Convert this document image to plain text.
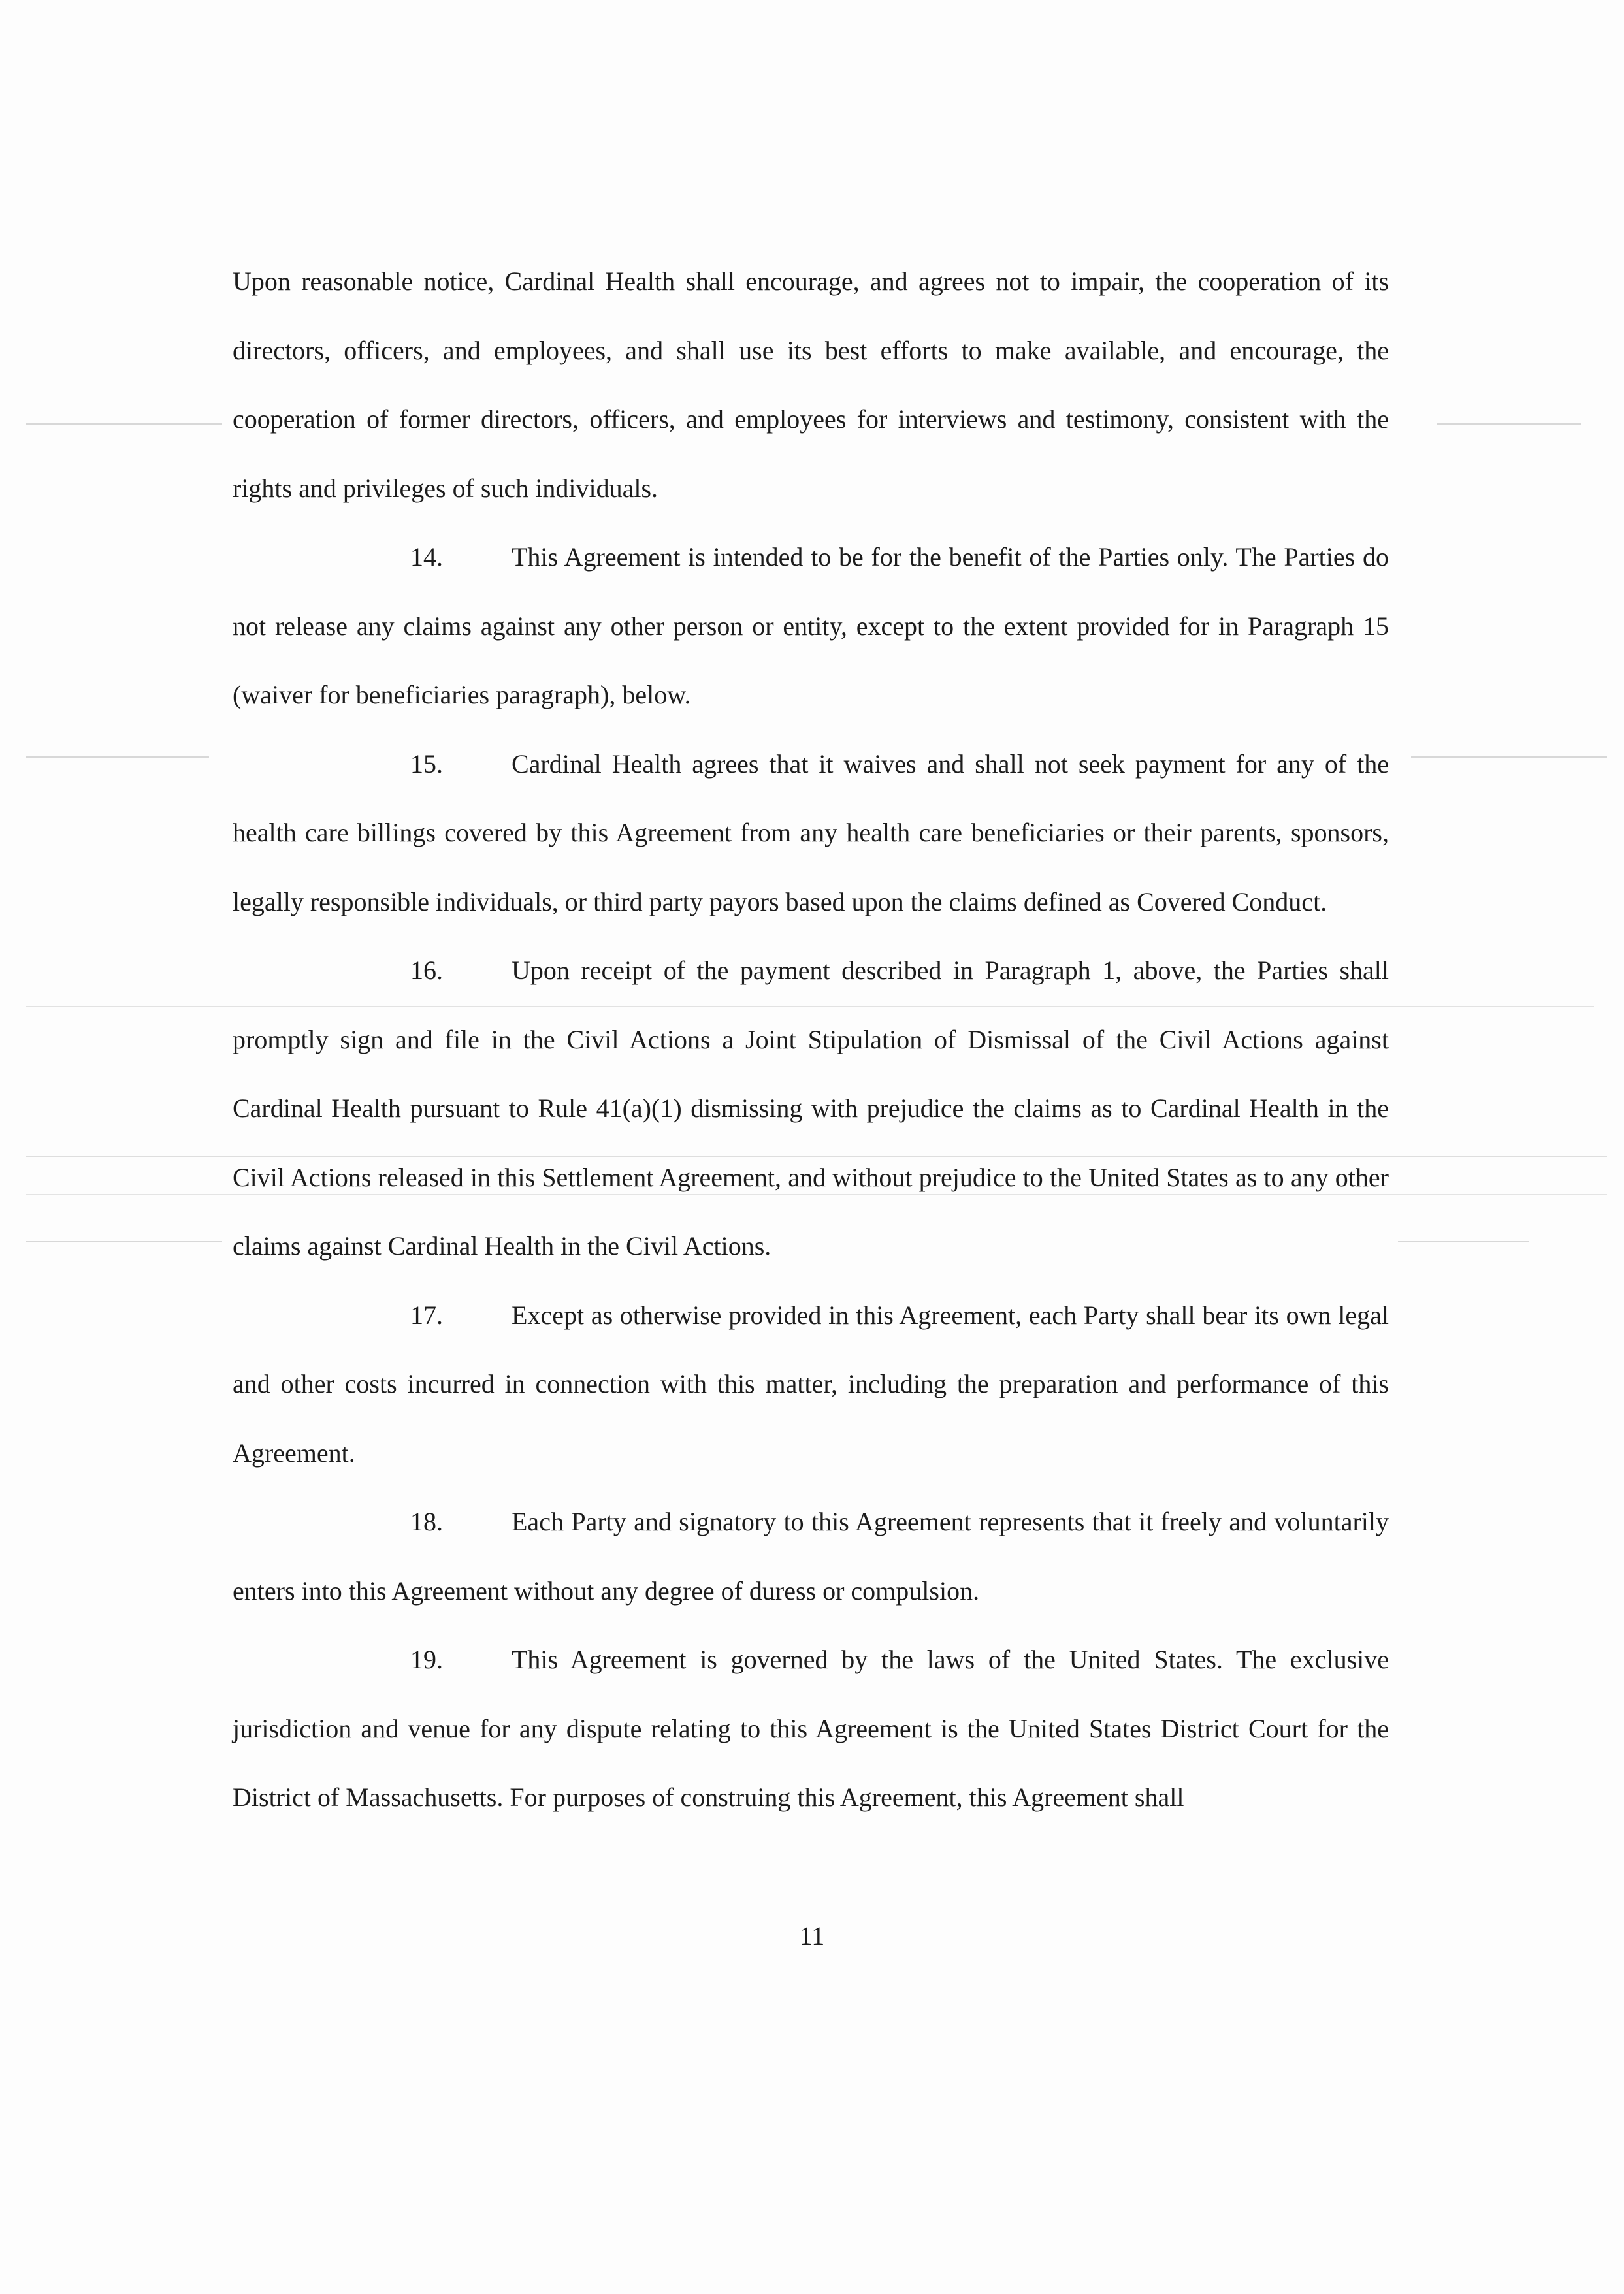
Upon reasonable notice, Cardinal Health shall encourage, and agrees not to impair, the cooperation of its directors, officers, and employees, and shall use its best efforts to make available, and encourage, the cooperation of former directors, officers, and employees for interviews and testimony, consistent with the rights and privileges of such individuals.

14.	This Agreement is intended to be for the benefit of the Parties only. The Parties do not release any claims against any other person or entity, except to the extent provided for in Paragraph 15 (waiver for beneficiaries paragraph), below.

15.	Cardinal Health agrees that it waives and shall not seek payment for any of the health care billings covered by this Agreement from any health care beneficiaries or their parents, sponsors, legally responsible individuals, or third party payors based upon the claims defined as Covered Conduct.

16.	Upon receipt of the payment described in Paragraph 1, above, the Parties shall promptly sign and file in the Civil Actions a Joint Stipulation of Dismissal of the Civil Actions against Cardinal Health pursuant to Rule 41(a)(1) dismissing with prejudice the claims as to Cardinal Health in the Civil Actions released in this Settlement Agreement, and without prejudice to the United States as to any other claims against Cardinal Health in the Civil Actions.

17.	Except as otherwise provided in this Agreement, each Party shall bear its own legal and other costs incurred in connection with this matter, including the preparation and performance of this Agreement.

18.	Each Party and signatory to this Agreement represents that it freely and voluntarily enters into this Agreement without any degree of duress or compulsion.

19.	This Agreement is governed by the laws of the United States. The exclusive jurisdiction and venue for any dispute relating to this Agreement is the United States District Court for the District of Massachusetts. For purposes of construing this Agreement, this Agreement shall

11
